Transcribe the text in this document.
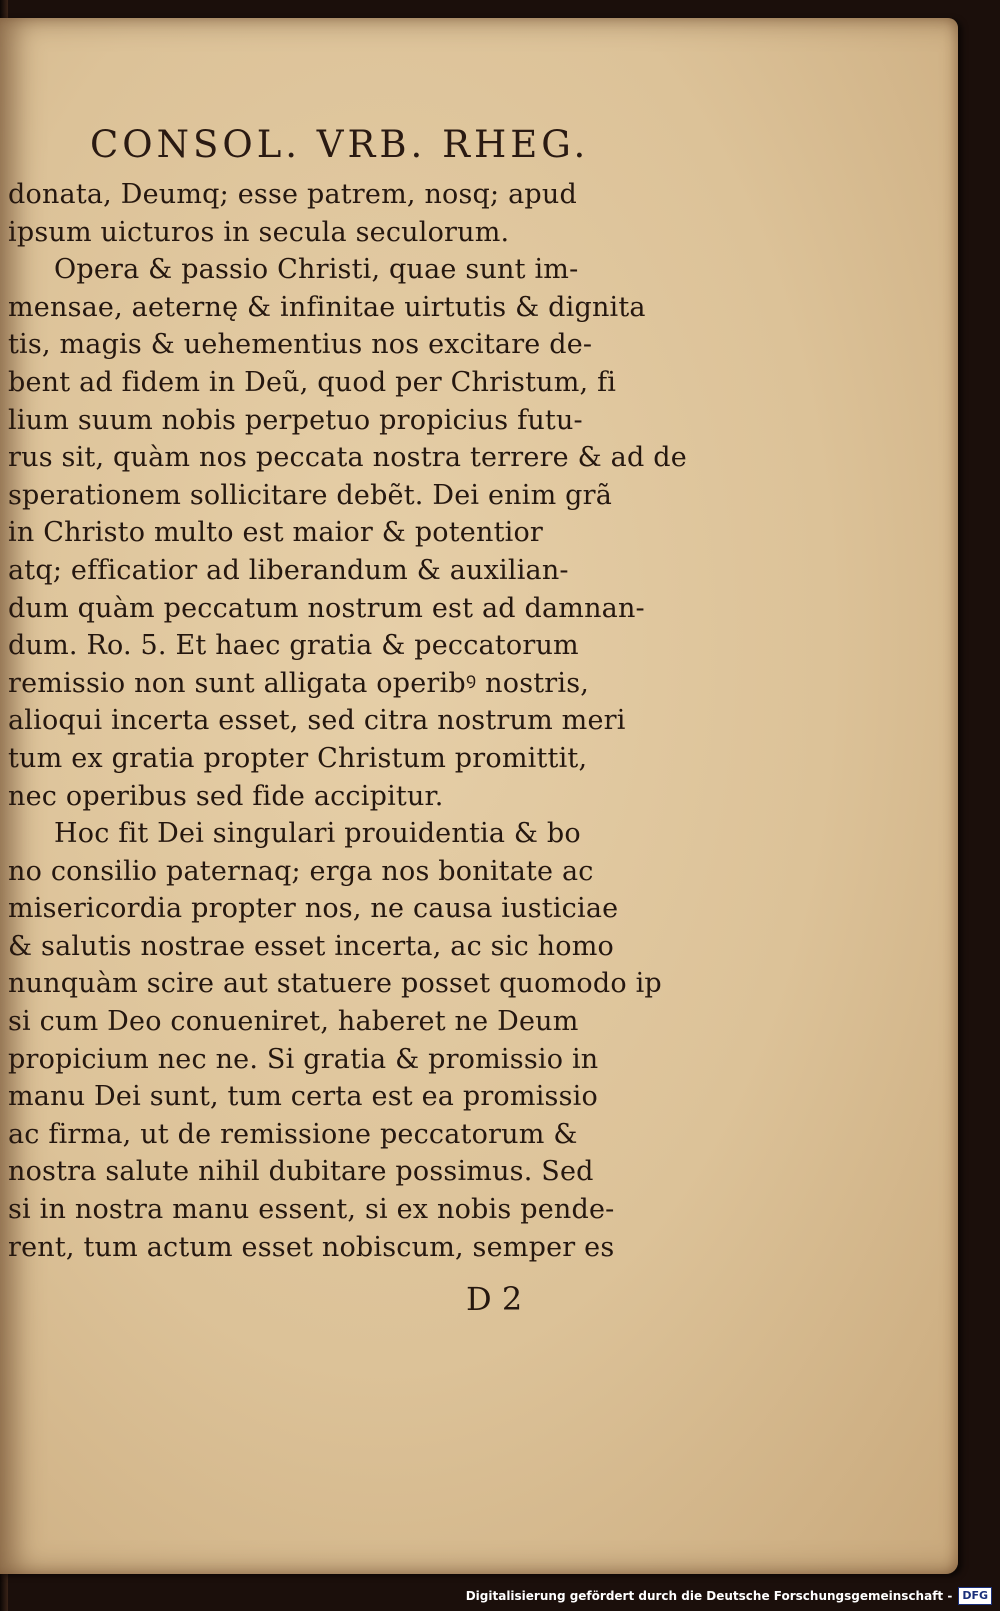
CONSOL. VRB. RHEG.
donata, Deumq; esse patrem, nosq; apud
ipsum uicturos in secula seculorum.
Opera & passio Christi, quae sunt im-
mensae, aeternę & infinitae uirtutis & dignita
tis, magis & uehementius nos excitare de-
bent ad fidem in Deũ, quod per Christum, fi
lium suum nobis perpetuo propicius futu-
rus sit, quàm nos peccata nostra terrere & ad de
sperationem sollicitare debẽt. Dei enim grã
in Christo multo est maior & potentior
atq; efficatior ad liberandum & auxilian-
dum quàm peccatum nostrum est ad damnan-
dum. Ro. 5. Et haec gratia & peccatorum
remissio non sunt alligata operibꝰ nostris,
alioqui incerta esset, sed citra nostrum meri
tum ex gratia propter Christum promittit,
nec operibus sed fide accipitur.
Hoc fit Dei singulari prouidentia & bo
no consilio paternaq; erga nos bonitate ac
misericordia propter nos, ne causa iusticiae
& salutis nostrae esset incerta, ac sic homo
nunquàm scire aut statuere posset quomodo ip
si cum Deo conueniret, haberet ne Deum
propicium nec ne. Si gratia & promissio in
manu Dei sunt, tum certa est ea promissio
ac firma, ut de remissione peccatorum &
nostra salute nihil dubitare possimus. Sed
si in nostra manu essent, si ex nobis pende-
rent, tum actum esset nobiscum, semper es
D 2
Digitalisierung gefördert durch die Deutsche Forschungsgemeinschaft - DFG
